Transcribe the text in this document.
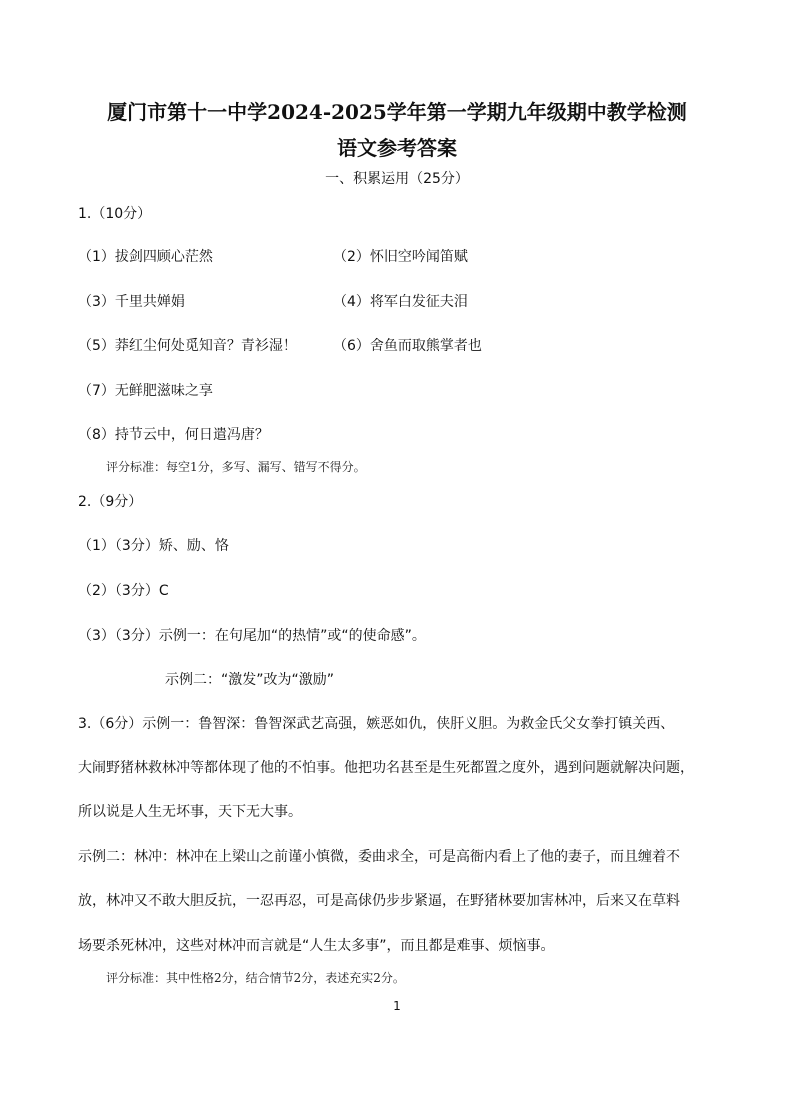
厦门市第十一中学2024-2025学年第一学期九年级期中教学检测
语文参考答案
一、积累运用（25分）
1.（10分）
（1）拔剑四顾心茫然	（2）怀旧空吟闻笛赋
（3）千里共婵娟	（4）将军白发征夫泪
（5）莽红尘何处觅知音？青衫湿！	（6）舍鱼而取熊掌者也
（7）无鲜肥滋味之享
（8）持节云中，何日遣冯唐？
评分标准：每空1分，多写、漏写、错写不得分。
2.（9分）
（1）（3分）矫、励、恪
（2）（3分）C
（3）（3分）示例一：在句尾加“的热情”或“的使命感”。
示例二：“激发”改为“激励”
3.（6分）示例一：鲁智深：鲁智深武艺高强，嫉恶如仇，侠肝义胆。为救金氏父女拳打镇关西、
大闹野猪林救林冲等都体现了他的不怕事。他把功名甚至是生死都置之度外，遇到问题就解决问题，
所以说是人生无坏事，天下无大事。
示例二：林冲：林冲在上梁山之前谨小慎微，委曲求全，可是高衙内看上了他的妻子，而且缠着不
放，林冲又不敢大胆反抗，一忍再忍，可是高俅仍步步紧逼，在野猪林要加害林冲，后来又在草料
场要杀死林冲，这些对林冲而言就是“人生太多事”，而且都是难事、烦恼事。
评分标准：其中性格2分，结合情节2分，表述充实2分。
1
